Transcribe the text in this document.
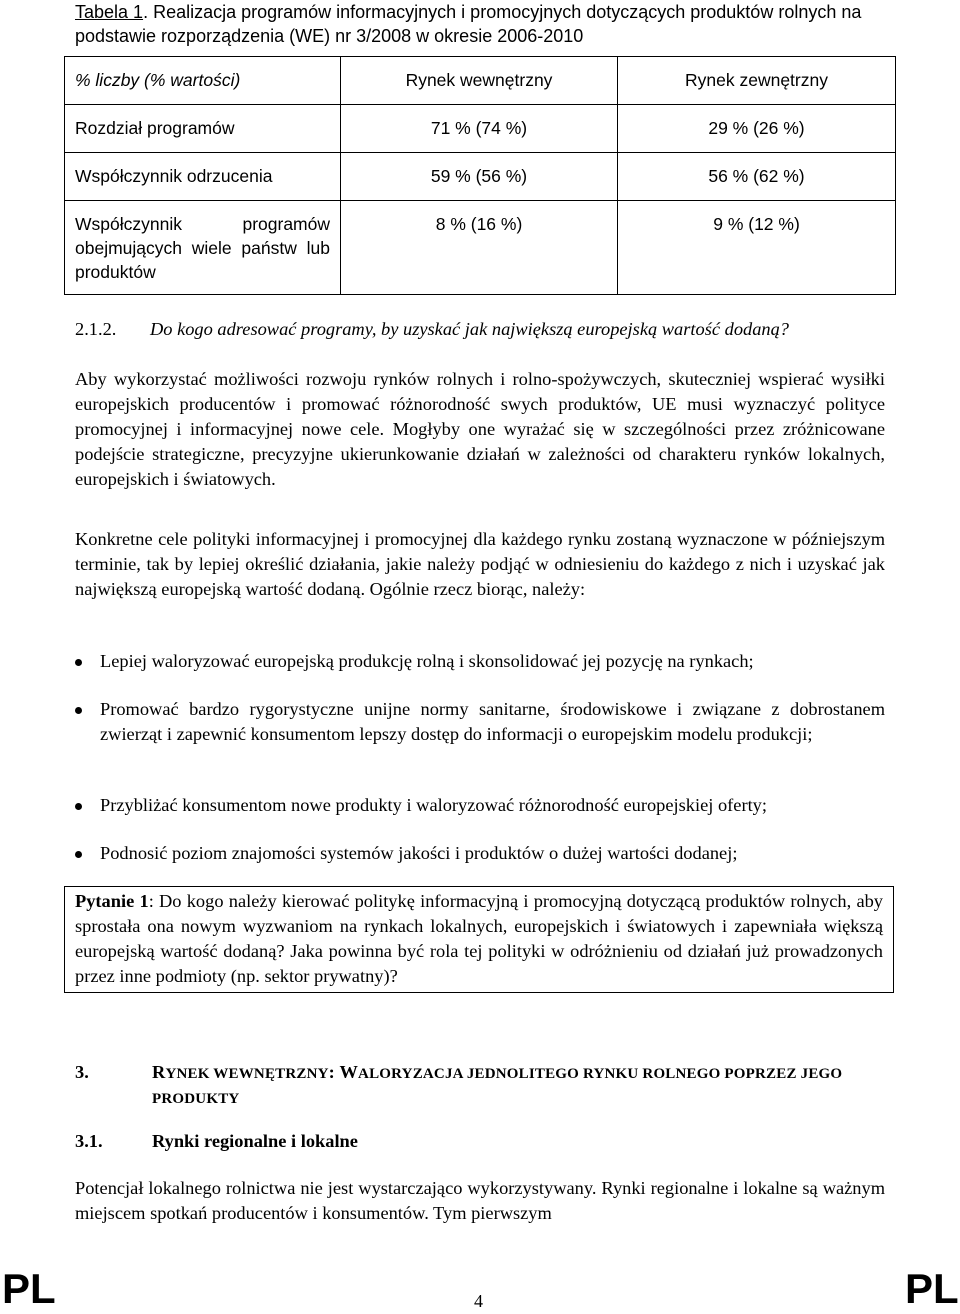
Tabela 1. Realizacja programów informacyjnych i promocyjnych dotyczących produktów rolnych na podstawie rozporządzenia (WE) nr 3/2008 w okresie 2006-2010
% liczby (% wartości)	Rynek wewnętrzny	Rynek zewnętrzny
Rozdział programów	71 % (74 %)	29 % (26 %)
Współczynnik odrzucenia	59 % (56 %)	56 % (62 %)
Współczynnik programów obejmujących wiele państw lub produktów	8 % (16 %)	9 % (12 %)
2.1.2. Do kogo adresować programy, by uzyskać jak największą europejską wartość dodaną?
Aby wykorzystać możliwości rozwoju rynków rolnych i rolno-spożywczych, skuteczniej wspierać wysiłki europejskich producentów i promować różnorodność swych produktów, UE musi wyznaczyć polityce promocyjnej i informacyjnej nowe cele. Mogłyby one wyrażać się w szczególności przez zróżnicowane podejście strategiczne, precyzyjne ukierunkowanie działań w zależności od charakteru rynków lokalnych, europejskich i światowych.
Konkretne cele polityki informacyjnej i promocyjnej dla każdego rynku zostaną wyznaczone w późniejszym terminie, tak by lepiej określić działania, jakie należy podjąć w odniesieniu do każdego z nich i uzyskać jak największą europejską wartość dodaną. Ogólnie rzecz biorąc, należy:
Lepiej waloryzować europejską produkcję rolną i skonsolidować jej pozycję na rynkach;
Promować bardzo rygorystyczne unijne normy sanitarne, środowiskowe i związane z dobrostanem zwierząt i zapewnić konsumentom lepszy dostęp do informacji o europejskim modelu produkcji;
Przybliżać konsumentom nowe produkty i waloryzować różnorodność europejskiej oferty;
Podnosić poziom znajomości systemów jakości i produktów o dużej wartości dodanej;
Pytanie 1: Do kogo należy kierować politykę informacyjną i promocyjną dotyczącą produktów rolnych, aby sprostała ona nowym wyzwaniom na rynkach lokalnych, europejskich i światowych i zapewniała większą europejską wartość dodaną? Jaka powinna być rola tej polityki w odróżnieniu od działań już prowadzonych przez inne podmioty (np. sektor prywatny)?
3.	RYNEK WEWNĘTRZNY: WALORYZACJA JEDNOLITEGO RYNKU ROLNEGO POPRZEZ JEGO PRODUKTY
3.1.	Rynki regionalne i lokalne
Potencjał lokalnego rolnictwa nie jest wystarczająco wykorzystywany. Rynki regionalne i lokalne są ważnym miejscem spotkań producentów i konsumentów. Tym pierwszym
PL	4	PL
